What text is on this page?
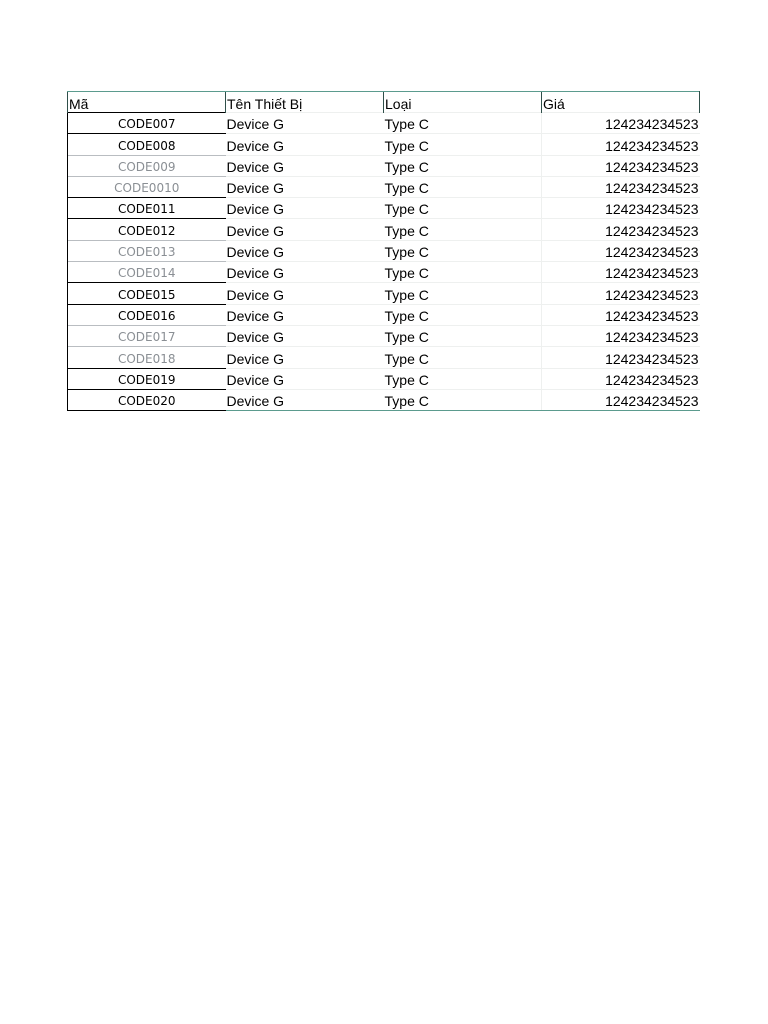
Mã	Tên Thiết Bị	Loại	Giá
CODE007	Device G	Type C	124234234523
CODE008	Device G	Type C	124234234523
CODE009	Device G	Type C	124234234523
CODE0010	Device G	Type C	124234234523
CODE011	Device G	Type C	124234234523
CODE012	Device G	Type C	124234234523
CODE013	Device G	Type C	124234234523
CODE014	Device G	Type C	124234234523
CODE015	Device G	Type C	124234234523
CODE016	Device G	Type C	124234234523
CODE017	Device G	Type C	124234234523
CODE018	Device G	Type C	124234234523
CODE019	Device G	Type C	124234234523
CODE020	Device G	Type C	124234234523
